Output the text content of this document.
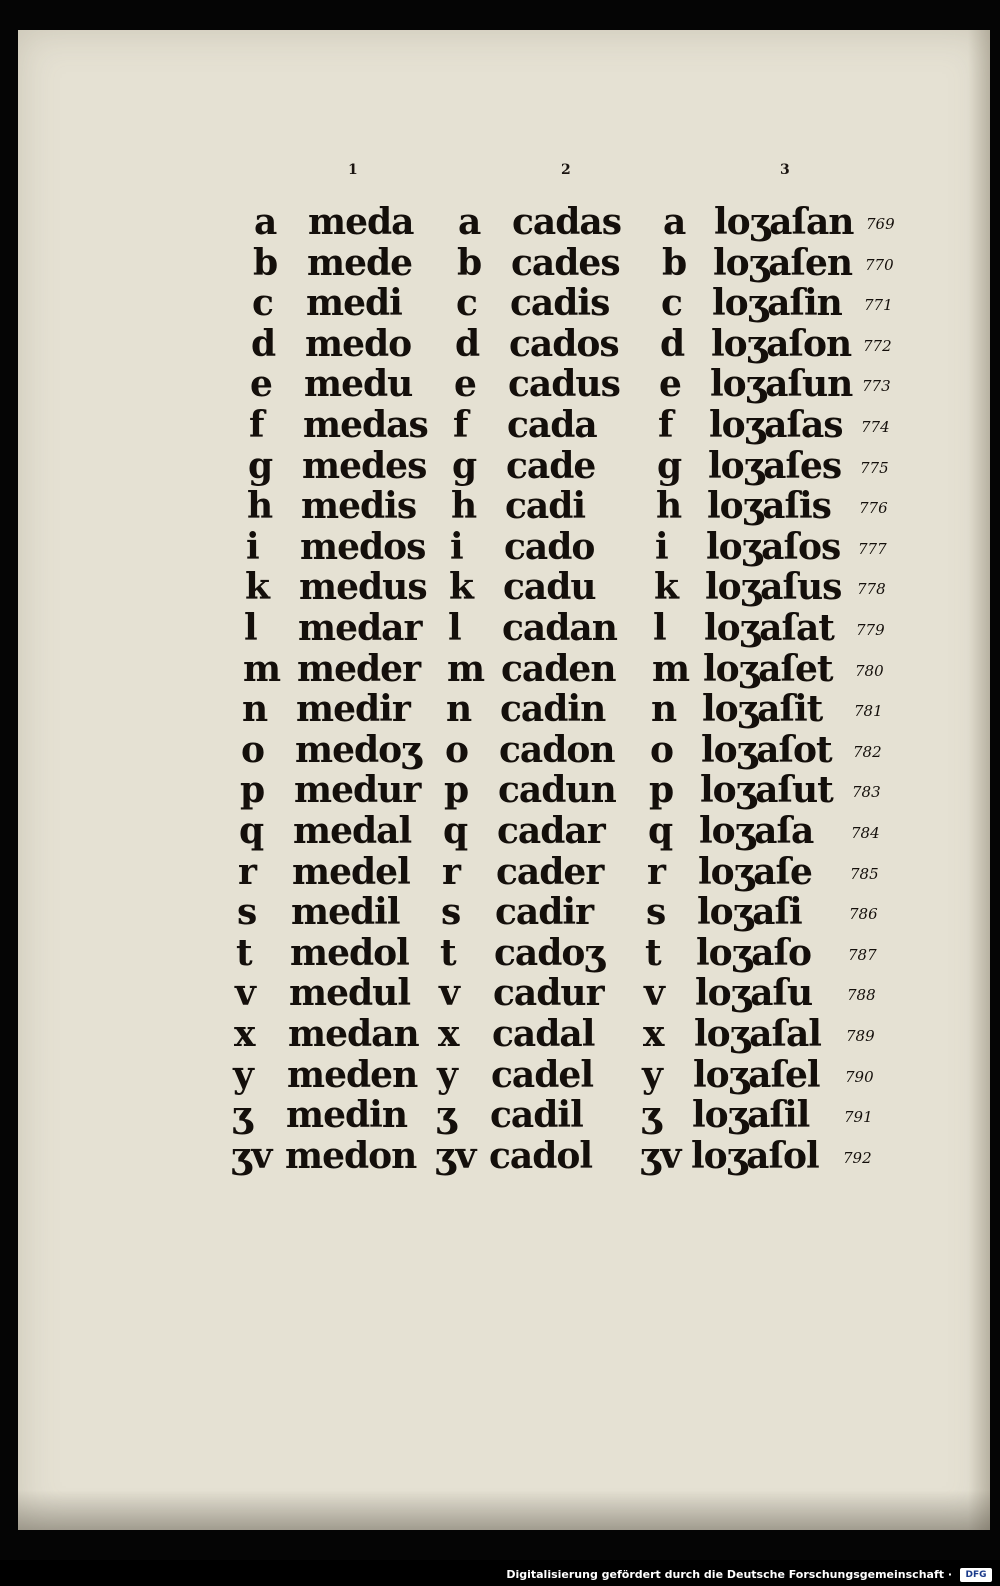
1	2	3
a meda a cadas a loʒaſan 769
b mede b cades b loʒaſen 770
c medi c cadis c loʒaſin 771
d medo d cados d loʒaſon 772
e medu e cadus e loʒaſun 773
f medas f cada f loʒaſas 774
g medes g cade g loʒaſes 775
h medis h cadi h loʒaſis 776
i medos i cado i loʒaſos 777
k medus k cadu k loʒaſus 778
l medar l cadan l loʒaſat 779
m meder m caden m loʒaſet 780
n medir n cadin n loʒaſit 781
o medoʒ o cadon o loʒaſot 782
p medur p cadun p loʒaſut 783
q medal q cadar q loʒaſa	784
r medel r cader r loʒaſe	785
s medil s cadir s loʒaſi	786
t medol t cadoʒ t loʒaſo 787
v medul v cadur v loʒaſu 788
x medan x cadal x loʒaſal 789
y meden y cadel y loʒaſel 790
ʒ medin ʒ cadil ʒ loʒaſil 791
ʒv medon ʒv cadol ʒv loʒaſol 792
Digitalisierung gefördert durch die Deutsche Forschungsgemeinschaft ·	DFG
